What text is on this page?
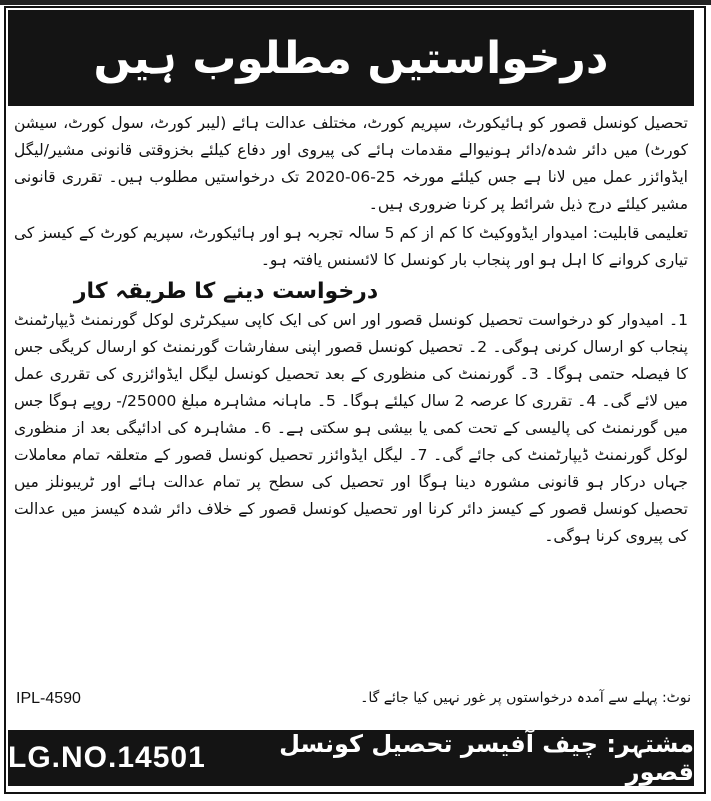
درخواستیں مطلوب ہیں

تحصیل کونسل قصور کو ہائیکورٹ، سپریم کورٹ، مختلف عدالت ہائے (لیبر کورٹ، سول کورٹ، سیشن کورٹ) میں دائر شدہ/دائر ہونیوالے مقدمات ہائے کی پیروی اور دفاع کیلئے بخزوقتی قانونی مشیر/لیگل ایڈوائزر عمل میں لانا ہے جس کیلئے مورخہ 25-06-2020 تک درخواستیں مطلوب ہیں۔ تقرری قانونی مشیر کیلئے درج ذیل شرائط پر کرنا ضروری ہیں۔

تعلیمی قابلیت: امیدوار ایڈووکیٹ کا کم از کم 5 سالہ تجربہ ہو اور ہائیکورٹ، سپریم کورٹ کے کیسز کی تیاری کروانے کا اہل ہو اور پنجاب بار کونسل کا لائسنس یافتہ ہو۔

درخواست دینے کا طریقہ کار

1۔ امیدوار کو درخواست تحصیل کونسل قصور اور اس کی ایک کاپی سیکرٹری لوکل گورنمنٹ ڈیپارٹمنٹ پنجاب کو ارسال کرنی ہوگی۔ 2۔ تحصیل کونسل قصور اپنی سفارشات گورنمنٹ کو ارسال کریگی جس کا فیصلہ حتمی ہوگا۔ 3۔ گورنمنٹ کی منظوری کے بعد تحصیل کونسل لیگل ایڈوائزری کی تقرری عمل میں لائے گی۔ 4۔ تقرری کا عرصہ 2 سال کیلئے ہوگا۔ 5۔ ماہانہ مشاہرہ مبلغ 25000/- روپے ہوگا جس میں گورنمنٹ کی پالیسی کے تحت کمی یا بیشی ہو سکتی ہے۔ 6۔ مشاہرہ کی ادائیگی بعد از منظوری لوکل گورنمنٹ ڈیپارٹمنٹ کی جائے گی۔ 7۔ لیگل ایڈوائزر تحصیل کونسل قصور کے متعلقہ تمام معاملات جہاں درکار ہو قانونی مشورہ دینا ہوگا اور تحصیل کی سطح پر تمام عدالت ہائے اور ٹریبونلز میں تحصیل کونسل قصور کے کیسز دائر کرنا اور تحصیل کونسل قصور کے خلاف دائر شدہ کیسز میں عدالت کی پیروی کرنا ہوگی۔

IPL-4590	نوٹ: پہلے سے آمدہ درخواستوں پر غور نہیں کیا جائے گا۔
LG.NO.14501	مشتہر: چیف آفیسر تحصیل کونسل قصور
